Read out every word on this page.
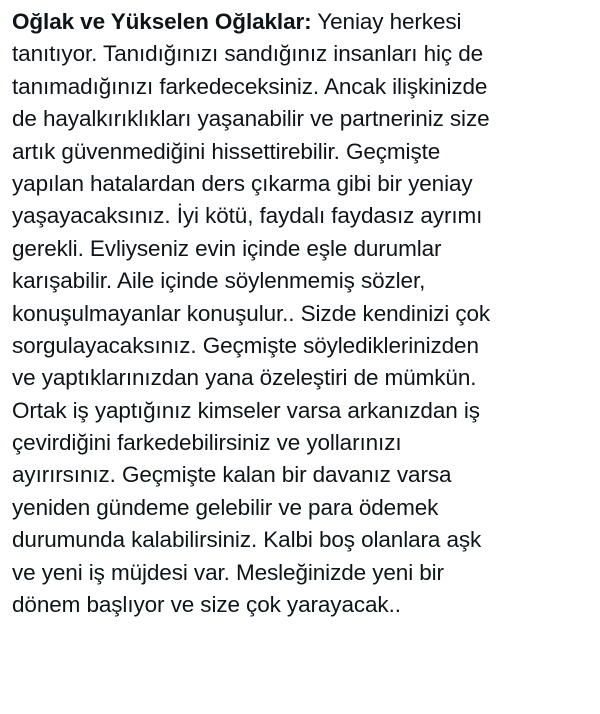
Oğlak ve Yükselen Oğlaklar: Yeniay herkesi
tanıtıyor. Tanıdığınızı sandığınız insanları hiç de
tanımadığınızı farkedeceksiniz. Ancak ilişkinizde
de hayalkırıklıkları yaşanabilir ve partneriniz size
artık güvenmediğini hissettirebilir. Geçmişte
yapılan hatalardan ders çıkarma gibi bir yeniay
yaşayacaksınız. İyi kötü, faydalı faydasız ayrımı
gerekli. Evliyseniz evin içinde eşle durumlar
karışabilir. Aile içinde söylenmemiş sözler,
konuşulmayanlar konuşulur.. Sizde kendinizi çok
sorgulayacaksınız. Geçmişte söylediklerinizden
ve yaptıklarınızdan yana özeleştiri de mümkün.
Ortak iş yaptığınız kimseler varsa arkanızdan iş
çevirdiğini farkedebilirsiniz ve yollarınızı
ayırırsınız. Geçmişte kalan bir davanız varsa
yeniden gündeme gelebilir ve para ödemek
durumunda kalabilirsiniz. Kalbi boş olanlara aşk
ve yeni iş müjdesi var. Mesleğinizde yeni bir
dönem başlıyor ve size çok yarayacak..
